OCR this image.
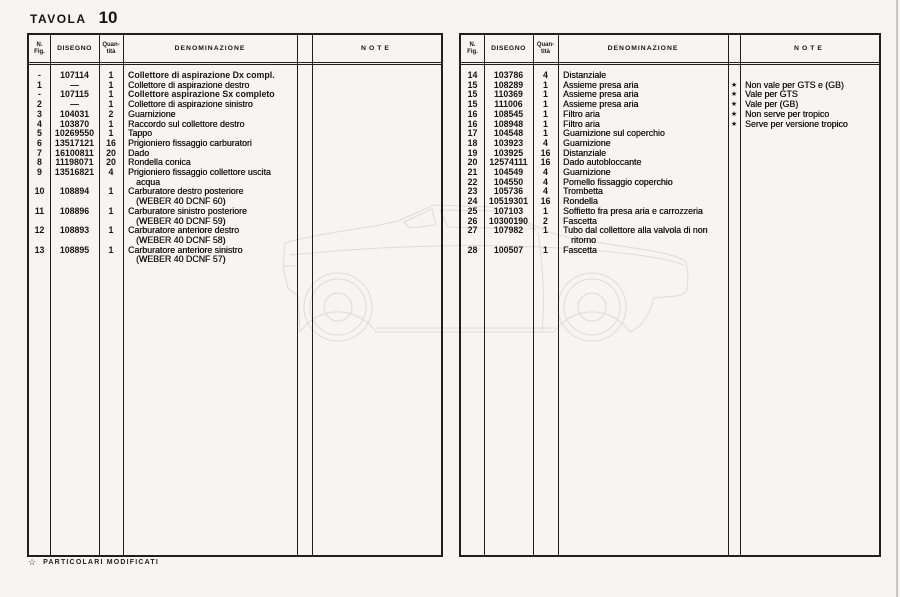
TAVOLA 10
N.
Fig.	DISEGNO
Quan-
tità	DENOMINAZIONE	NOTE
-	107114	1	Collettore di aspirazione Dx compl.
1	—	1	Collettore di aspirazione destro
-	107115	1	Collettore aspirazione Sx completo
2	—	1	Collettore di aspirazione sinistro
3	104031	2	Guarnizione
4	103870	1	Raccordo sul collettore destro
5	10269550	1	Tappo
6	13517121	16	Prigioniero fissaggio carburatori
7	16100811	20	Dado
8	11198071	20	Rondella conica
9	13516821	4	Prigioniero fissaggio collettore uscita
acqua
10	108894	1	Carburatore destro posteriore
(WEBER 40 DCNF 60)
11	108896	1	Carburatore sinistro posteriore
(WEBER 40 DCNF 59)
12	108893	1	Carburatore anteriore destro
(WEBER 40 DCNF 58)
13	108895	1	Carburatore anteriore sinistro
(WEBER 40 DCNF 57)
N.
Fig.	DISEGNO
Quan-
tità	DENOMINAZIONE	NOTE
14	103786	4	Distanziale
15	108289	1	Assieme presa aria	★ Non vale per GTS e (GB)
15	110369	1	Assieme presa aria	★ Vale per GTS
15	111006	1	Assieme presa aria	★ Vale per (GB)
16	108545	1	Filtro aria	★ Non serve per tropico
16	108948	1	Filtro aria	★ Serve per versione tropico
17	104548	1	Guarnizione sul coperchio
18	103923	4	Guarnizione
19	103925	16	Distanziale
20	12574111	16	Dado autobloccante
21	104549	4	Guarnizione
22	104550	4	Pomello fissaggio coperchio
23	105736	4	Trombetta
24	10519301	16	Rondella
25	107103	1	Soffietto fra presa aria e carrozzeria
26	10300190	2	Fascetta
27	107982	1	Tubo dal collettore alla valvola di non
ritorno
28	100507	1	Fascetta
☆ PARTICOLARI MODIFICATI
